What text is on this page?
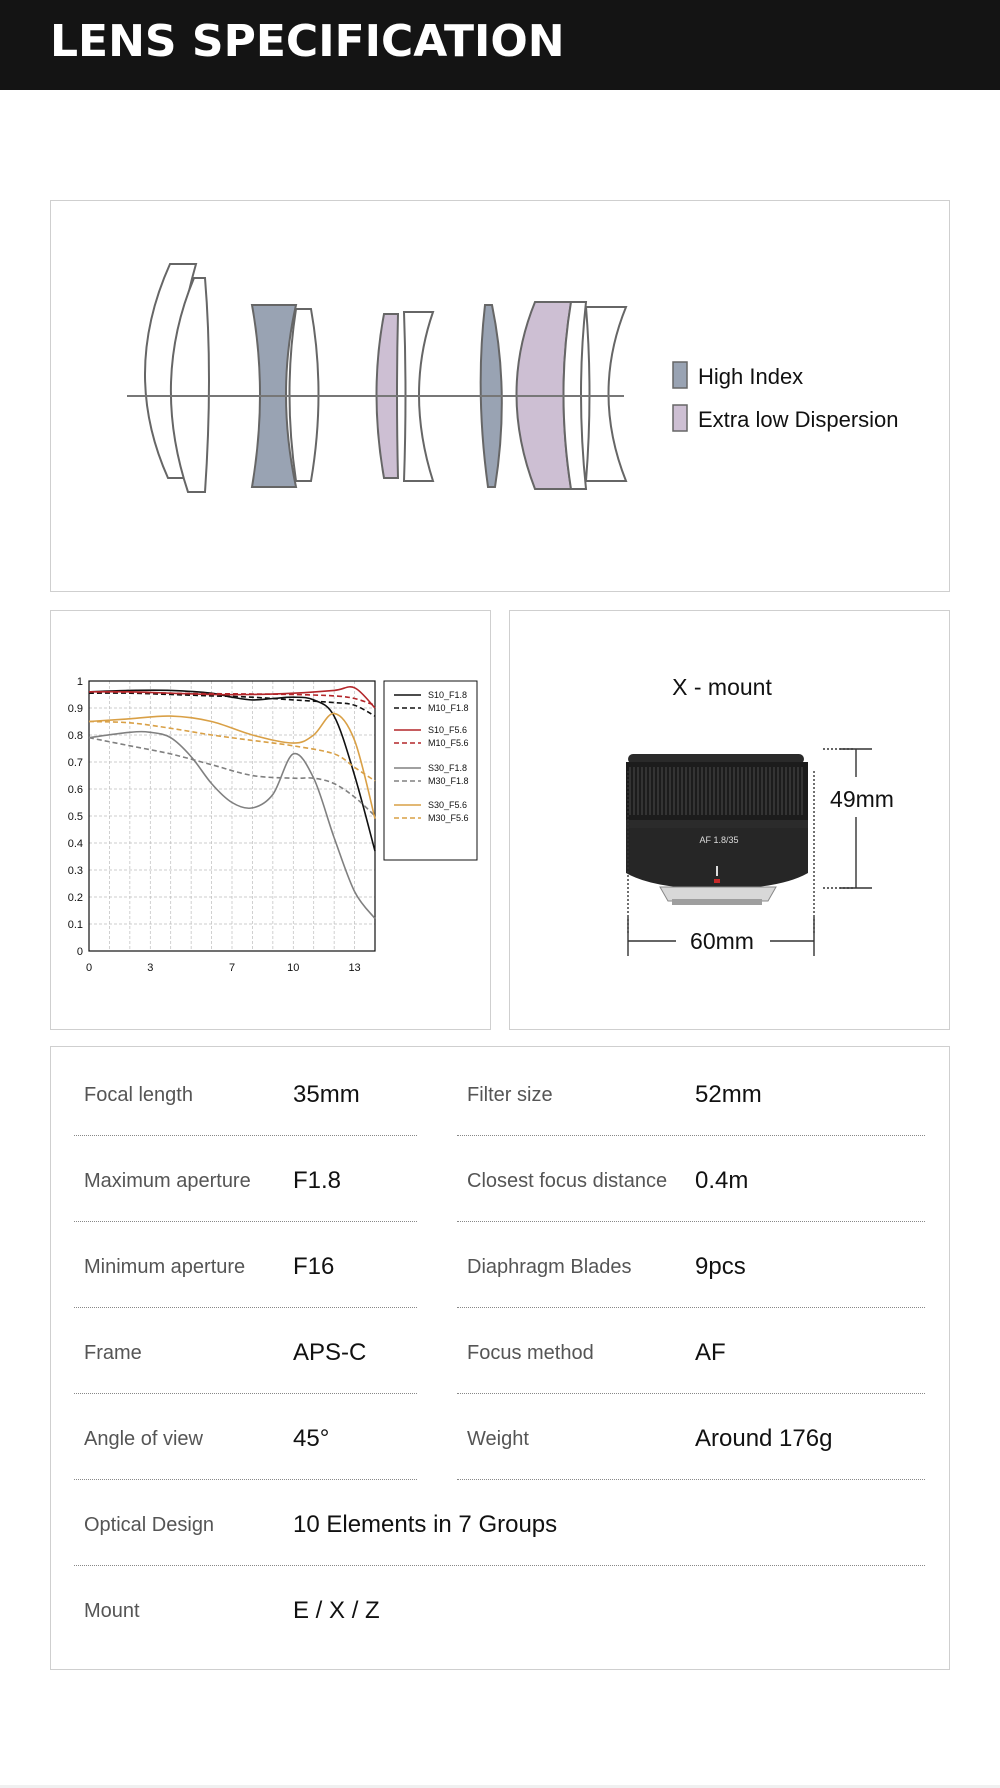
LENS SPECIFICATION
High Index
Extra low Dispersion
0
0.1
0.2
0.3
0.4
0.5
0.6
0.7
0.8
0.9
1
0	3	7	10	13
S10_F1.8
M10_F1.8
S10_F5.6
M10_F5.6
S30_F1.8
M30_F1.8
S30_F5.6
M30_F5.6
X - mount
AF 1.8/35
49mm
60mm
Focal length	35mm	Filter size	52mm
Maximum aperture F1.8	Closest focus distance 0.4m
Minimum aperture F16	Diaphragm Blades	9pcs
Frame	APS-C	Focus method	AF
Angle of view	45°	Weight	Around 176g
Optical Design	10 Elements in 7 Groups
Mount	E / X / Z
